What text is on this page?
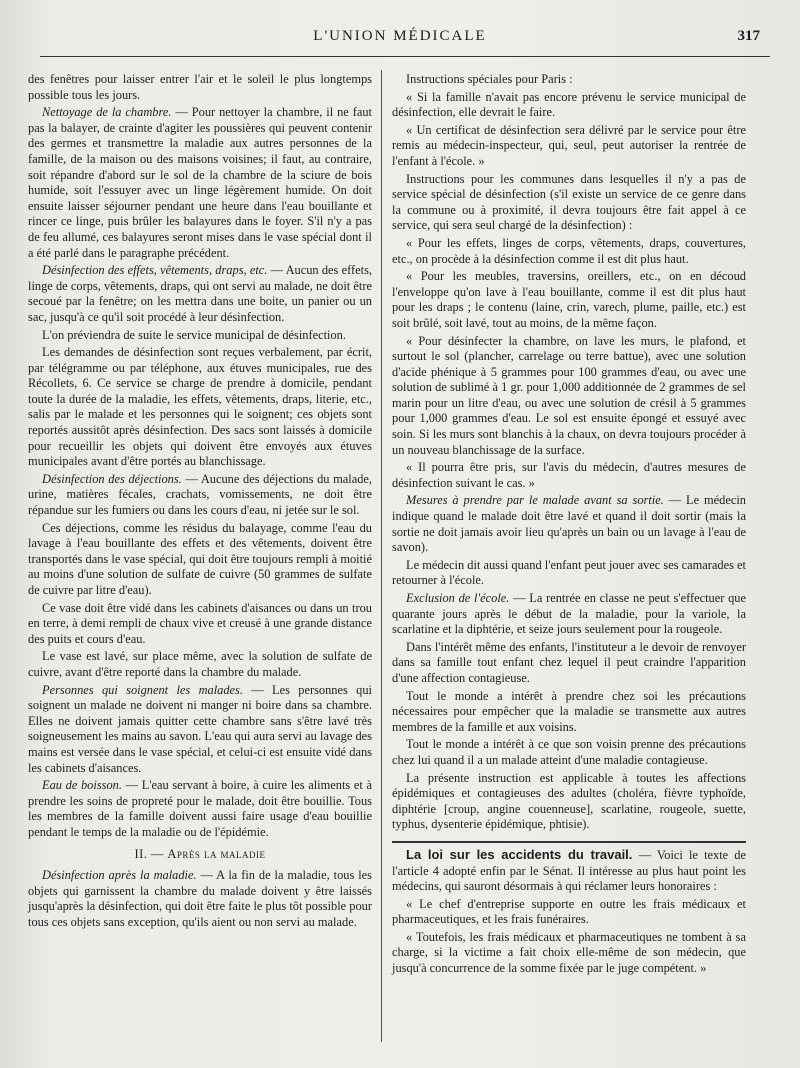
L'UNION MÉDICALE	317

des fenêtres pour laisser entrer l'air et le soleil le plus longtemps possible tous les jours.

Nettoyage de la chambre. — Pour nettoyer la chambre, il ne faut pas la balayer, de crainte d'agiter les poussières qui peuvent contenir des germes et transmettre la maladie aux autres personnes de la famille, de la maison ou des maisons voisines; il faut, au contraire, soit répandre d'abord sur le sol de la chambre de la sciure de bois humide, soit l'essuyer avec un linge légèrement humide. On doit ensuite laisser séjourner pendant une heure dans l'eau bouillante et rincer ce linge, puis brûler les balayures dans le foyer. S'il n'y a pas de feu allumé, ces balayures seront mises dans le vase spécial dont il a été parlé dans le paragraphe précédent.

Désinfection des effets, vêtements, draps, etc. — Aucun des effets, linge de corps, vêtements, draps, qui ont servi au malade, ne doit être secoué par la fenêtre; on les mettra dans une boite, un panier ou un sac, jusqu'à ce qu'il soit procédé à leur désinfection.

L'on préviendra de suite le service municipal de désinfection.

Les demandes de désinfection sont reçues verbalement, par écrit, par télégramme ou par téléphone, aux étuves municipales, rue des Récollets, 6. Ce service se charge de prendre à domicile, pendant toute la durée de la maladie, les effets, vêtements, draps, literie, etc., salis par le malade et les personnes qui le soignent; ces objets sont reportés aussitôt après désinfection. Des sacs sont laissés à domicile pour recueillir les objets qui doivent être envoyés aux étuves municipales avant d'être portés au blanchissage.

Désinfection des déjections. — Aucune des déjections du malade, urine, matières fécales, crachats, vomissements, ne doit être répandue sur les fumiers ou dans les cours d'eau, ni jetée sur le sol.

Ces déjections, comme les résidus du balayage, comme l'eau du lavage à l'eau bouillante des effets et des vêtements, doivent être transportés dans le vase spécial, qui doit être toujours rempli à moitié au moins d'une solution de sulfate de cuivre (50 grammes de sulfate de cuivre par litre d'eau).

Ce vase doit être vidé dans les cabinets d'aisances ou dans un trou en terre, à demi rempli de chaux vive et creusé à une grande distance des puits et cours d'eau.

Le vase est lavé, sur place même, avec la solution de sulfate de cuivre, avant d'être reporté dans la chambre du malade.

Personnes qui soignent les malades. — Les personnes qui soignent un malade ne doivent ni manger ni boire dans sa chambre. Elles ne doivent jamais quitter cette chambre sans s'être lavé très soigneusement les mains au savon. L'eau qui aura servi au lavage des mains est versée dans le vase spécial, et celui-ci est ensuite vidé dans les cabinets d'aisances.

Eau de boisson. — L'eau servant à boire, à cuire les aliments et à prendre les soins de propreté pour le malade, doit être bouillie. Tous les membres de la famille doivent aussi faire usage d'eau bouillie pendant le temps de la maladie ou de l'épidémie.

II. — Après la maladie

Désinfection après la maladie. — A la fin de la maladie, tous les objets qui garnissent la chambre du malade doivent y être laissés jusqu'après la désinfection, qui doit être faite le plus tôt possible pour tous ces objets sans exception, qu'ils aient ou non servi au malade.

Instructions spéciales pour Paris :

« Si la famille n'avait pas encore prévenu le service municipal de désinfection, elle devrait le faire.

« Un certificat de désinfection sera délivré par le service pour être remis au médecin-inspecteur, qui, seul, peut autoriser la rentrée de l'enfant à l'école. »

Instructions pour les communes dans lesquelles il n'y a pas de service spécial de désinfection (s'il existe un service de ce genre dans la commune ou à proximité, il devra toujours être fait appel à ce service, qui sera seul chargé de la désinfection) :

« Pour les effets, linges de corps, vêtements, draps, couvertures, etc., on procède à la désinfection comme il est dit plus haut.

« Pour les meubles, traversins, oreillers, etc., on en découd l'enveloppe qu'on lave à l'eau bouillante, comme il est dit plus haut pour les draps ; le contenu (laine, crin, varech, plume, paille, etc.) est soit brûlé, soit lavé, tout au moins, de la même façon.

« Pour désinfecter la chambre, on lave les murs, le plafond, et surtout le sol (plancher, carrelage ou terre battue), avec une solution d'acide phénique à 5 grammes pour 100 grammes d'eau, ou avec une solution de sublimé à 1 gr. pour 1,000 additionnée de 2 grammes de sel marin pour un litre d'eau, ou avec une solution de crésil à 5 grammes pour 1,000 grammes d'eau. Le sol est ensuite épongé et essuyé avec soin. Si les murs sont blanchis à la chaux, on devra toujours procéder à un nouveau blanchissage de la surface.

« Il pourra être pris, sur l'avis du médecin, d'autres mesures de désinfection suivant le cas. »

Mesures à prendre par le malade avant sa sortie. — Le médecin indique quand le malade doit être lavé et quand il doit sortir (mais la sortie ne doit jamais avoir lieu qu'après un bain ou un lavage à l'eau de savon).

Le médecin dit aussi quand l'enfant peut jouer avec ses camarades et retourner à l'école.

Exclusion de l'école. — La rentrée en classe ne peut s'effectuer que quarante jours après le début de la maladie, pour la variole, la scarlatine et la diphtérie, et seize jours seulement pour la rougeole.

Dans l'intérêt même des enfants, l'instituteur a le devoir de renvoyer dans sa famille tout enfant chez lequel il peut craindre l'apparition d'une affection contagieuse.

Tout le monde a intérêt à prendre chez soi les précautions nécessaires pour empêcher que la maladie se transmette aux autres membres de la famille et aux voisins.

Tout le monde a intérêt à ce que son voisin prenne des précautions chez lui quand il a un malade atteint d'une maladie contagieuse.

La présente instruction est applicable à toutes les affections épidémiques et contagieuses des adultes (choléra, fièvre typhoïde, diphtérie [croup, angine couenneuse], scarlatine, rougeole, suette, typhus, dysenterie épidémique, phtisie).

La loi sur les accidents du travail. — Voici le texte de l'article 4 adopté enfin par le Sénat. Il intéresse au plus haut point les médecins, qui sauront désormais à qui réclamer leurs honoraires :

« Le chef d'entreprise supporte en outre les frais médicaux et pharmaceutiques, et les frais funéraires.

« Toutefois, les frais médicaux et pharmaceutiques ne tombent à sa charge, si la victime a fait choix elle-même de son médecin, que jusqu'à concurrence de la somme fixée par le juge compétent. »
